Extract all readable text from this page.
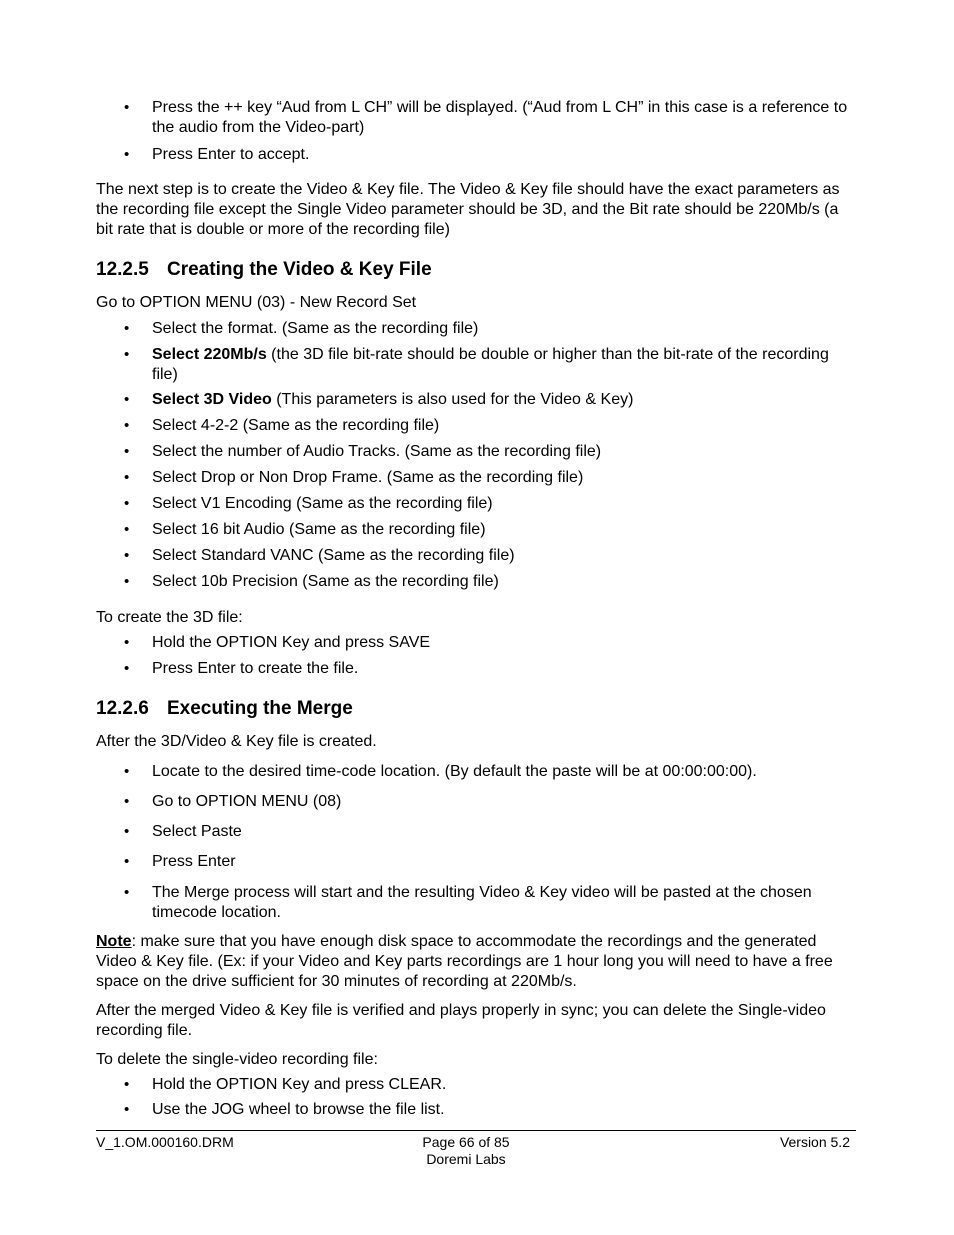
• Press the ++ key “Aud from L CH” will be displayed. (“Aud from L CH” in this case is a reference to the audio from the Video-part)
• Press Enter to accept.

The next step is to create the Video & Key file. The Video & Key file should have the exact parameters as the recording file except the Single Video parameter should be 3D, and the Bit rate should be 220Mb/s (a bit rate that is double or more of the recording file)

12.2.5 Creating the Video & Key File

Go to OPTION MENU (03) - New Record Set

• Select the format. (Same as the recording file)
• Select 220Mb/s (the 3D file bit-rate should be double or higher than the bit-rate of the recording file)
• Select 3D Video (This parameters is also used for the Video & Key)
• Select 4-2-2 (Same as the recording file)
• Select the number of Audio Tracks. (Same as the recording file)
• Select Drop or Non Drop Frame. (Same as the recording file)
• Select V1 Encoding (Same as the recording file)
• Select 16 bit Audio (Same as the recording file)
• Select Standard VANC (Same as the recording file)
• Select 10b Precision (Same as the recording file)

To create the 3D file:

• Hold the OPTION Key and press SAVE
• Press Enter to create the file.
12.2.6 Executing the Merge

After the 3D/Video & Key file is created.

• Locate to the desired time-code location. (By default the paste will be at 00:00:00:00).
• Go to OPTION MENU (08)
• Select Paste
• Press Enter
• The Merge process will start and the resulting Video & Key video will be pasted at the chosen timecode location.

Note: make sure that you have enough disk space to accommodate the recordings and the generated Video & Key file. (Ex: if your Video and Key parts recordings are 1 hour long you will need to have a free space on the drive sufficient for 30 minutes of recording at 220Mb/s.

After the merged Video & Key file is verified and plays properly in sync; you can delete the Single-video recording file.

To delete the single-video recording file:

• Hold the OPTION Key and press CLEAR.
• Use the JOG wheel to browse the file list.
V_1.OM.000160.DRM	Page 66 of 85
Doremi Labs
Version 5.2
